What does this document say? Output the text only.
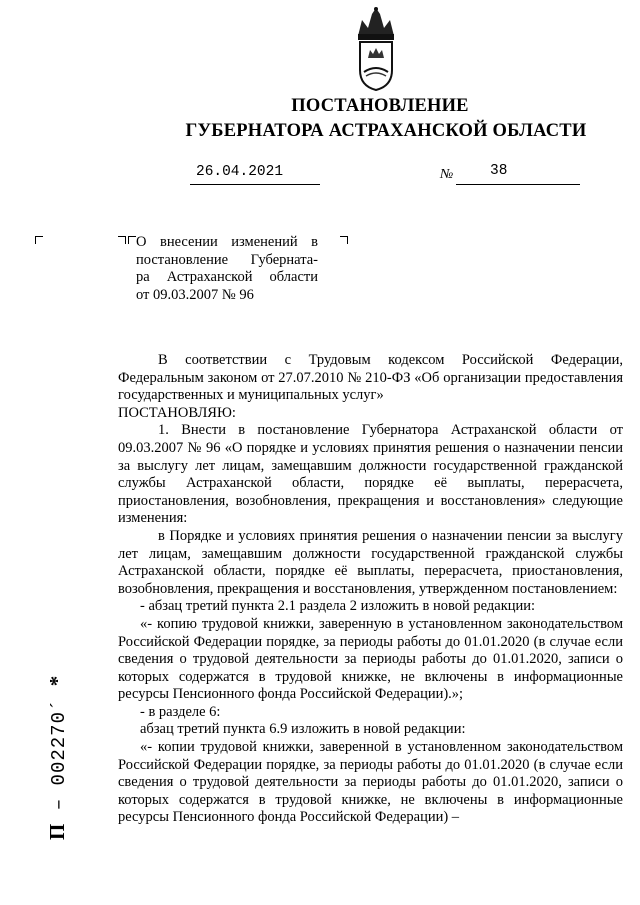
ПОСТАНОВЛЕНИЕ
ГУБЕРНАТОРА АСТРАХАНСКОЙ ОБЛАСТИ
26.04.2021	№	38
О внесении изменений в
постановление Губерната-
ра Астраханской области
от 09.03.2007 № 96

В соответствии с Трудовым кодексом Российской Федерации, Федеральным законом от 27.07.2010 № 210-ФЗ «Об организации предоставления государственных и муниципальных услуг»

ПОСТАНОВЛЯЮ:

1. Внести в постановление Губернатора Астраханской области от 09.03.2007 № 96 «О порядке и условиях принятия решения о назначении пенсии за выслугу лет лицам, замещавшим должности государственной гражданской службы Астраханской области, порядке её выплаты, перерасчета, приостановления, возобновления, прекращения и восстановления» следующие изменения:

в Порядке и условиях принятия решения о назначении пенсии за выслугу лет лицам, замещавшим должности государственной гражданской службы Астраханской области, порядке её выплаты, перерасчета, приостановления, возобновления, прекращения и восстановления, утвержденном постановлением:

- абзац третий пункта 2.1 раздела 2 изложить в новой редакции:

«- копию трудовой книжки, заверенную в установленном законодательством Российской Федерации порядке, за периоды работы до 01.01.2020 (в случае если сведения о трудовой деятельности за периоды работы до 01.01.2020, записи о которых содержатся в трудовой книжке, не включены в информационные ресурсы Пенсионного фонда Российской Федерации).»;

- в разделе 6:

абзац третий пункта 6.9 изложить в новой редакции:

«- копии трудовой книжки, заверенной в установленном законодательством Российской Федерации порядке, за периоды работы до 01.01.2020 (в случае если сведения о трудовой деятельности за периоды работы до 01.01.2020, записи о которых содержатся в трудовой книжке, не включены в информационные ресурсы Пенсионного фонда Российской Федерации) –

П – 002270´ *
